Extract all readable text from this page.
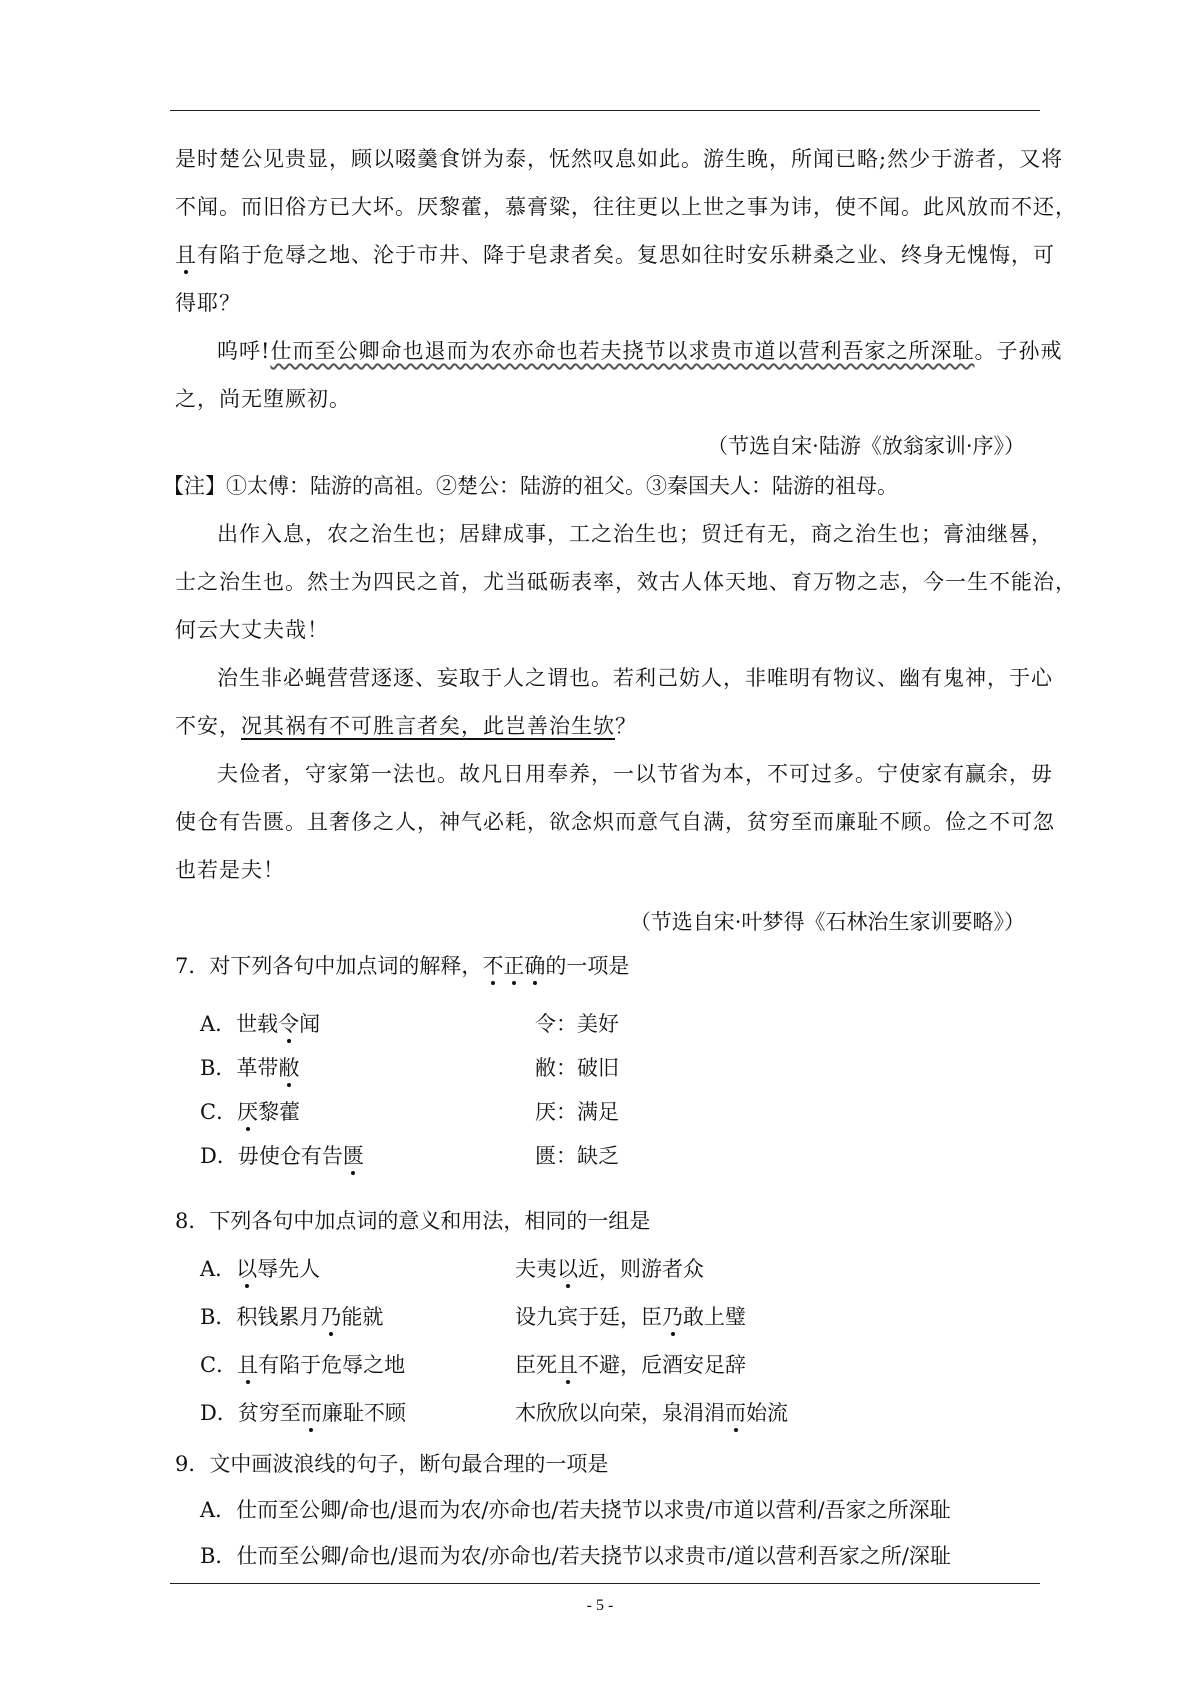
是时楚公见贵显，顾以啜羹食饼为泰，怃然叹息如此。游生晚，所闻已略;然少于游者，又将

不闻。而旧俗方已大坏。厌黎藿，慕膏粱，往往更以上世之事为讳，使不闻。此风放而不还，

且有陷于危辱之地、沦于市井、降于皂隶者矣。复思如往时安乐耕桑之业、终身无愧悔，可

得耶？

呜呼!仕而至公卿命也退而为农亦命也若夫挠节以求贵市道以营利吾家之所深耻。子孙戒

之，尚无堕厥初。

（节选自宋·陆游《放翁家训·序》）

【注】①太傅：陆游的高祖。②楚公：陆游的祖父。③秦国夫人：陆游的祖母。

出作入息，农之治生也；居肆成事，工之治生也；贸迁有无，商之治生也；膏油继晷，

士之治生也。然士为四民之首，尤当砥砺表率，效古人体天地、育万物之志，今一生不能治，

何云大丈夫哉！

治生非必蝇营营逐逐、妄取于人之谓也。若利己妨人，非唯明有物议、幽有鬼神，于心

不安，况其祸有不可胜言者矣，此岂善治生欤？

夫俭者，守家第一法也。故凡日用奉养，一以节省为本，不可过多。宁使家有赢余，毋

使仓有告匮。且奢侈之人，神气必耗，欲念炽而意气自满，贫穷至而廉耻不顾。俭之不可忽

也若是夫！

（节选自宋·叶梦得《石林治生家训要略》）

7．对下列各句中加点词的解释，不正确的一项是

A．世载令闻	令：美好

B．革带敝	敝：破旧

C．厌黎藿	厌：满足

D．毋使仓有告匮	匮：缺乏

8．下列各句中加点词的意义和用法，相同的一组是

A．以辱先人	夫夷以近，则游者众

B．积钱累月乃能就	设九宾于廷，臣乃敢上璧

C．且有陷于危辱之地	臣死且不避，卮酒安足辞

D．贫穷至而廉耻不顾	木欣欣以向荣，泉涓涓而始流

9．文中画波浪线的句子，断句最合理的一项是

A．仕而至公卿/命也/退而为农/亦命也/若夫挠节以求贵/市道以营利/吾家之所深耻

B．仕而至公卿/命也/退而为农/亦命也/若夫挠节以求贵市/道以营利吾家之所/深耻

- 5 -
